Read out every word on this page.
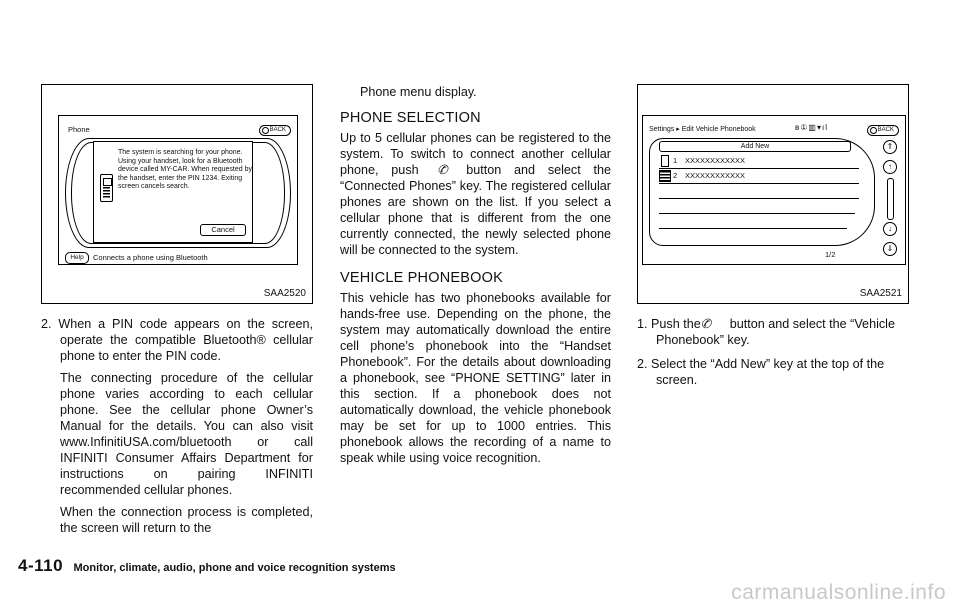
Phone	BACK
The system is searching for your phone. Using your handset, look for a Bluetooth device called MY-CAR. When requested by the handset, enter the PIN 1234. Exiting screen cancels search.
Cancel
Help	Connects a phone using Bluetooth
SAA2520

2. When a PIN code appears on the screen, operate the compatible Bluetooth® cellular phone to enter the PIN code.

The connecting procedure of the cellular phone varies according to each cellular phone. See the cellular phone Owner’s Manual for the details. You can also visit www.InfinitiUSA.com/bluetooth or call INFINITI Consumer Affairs Department for instructions on pairing INFINITI recommended cellular phones.

When the connection process is completed, the screen will return to the

Phone menu display.

PHONE SELECTION

Up to 5 cellular phones can be registered to the system. To switch to connect another cellular phone, push ✆ button and select the “Connected Phones” key. The registered cellular phones are shown on the list. If you select a cellular phone that is different from the one currently connected, the newly selected phone will be connected to the system.

VEHICLE PHONEBOOK

This vehicle has two phonebooks available for hands-free use. Depending on the phone, the system may automatically download the entire cell phone’s phonebook into the “Handset Phonebook”. For the details about downloading a phonebook, see “PHONE SETTING” later in this section. If a phonebook does not automatically download, the vehicle phonebook may be set for up to 1000 entries. This phonebook allows the recording of a name to speak while using voice recognition.

Settings ▸ Edit Vehicle Phonebook	ʙ①▥▾ıl	BACK
Add New
1 XXXXXXXXXXXX
2 XXXXXXXXXXXX
1/2
⇑
↑
↓
⇓
SAA2521

1. Push the ✆ button and select the “Vehicle Phonebook” key.

2. Select the “Add New” key at the top of the screen.

4-110 Monitor, climate, audio, phone and voice recognition systems
carmanualsonline.info
